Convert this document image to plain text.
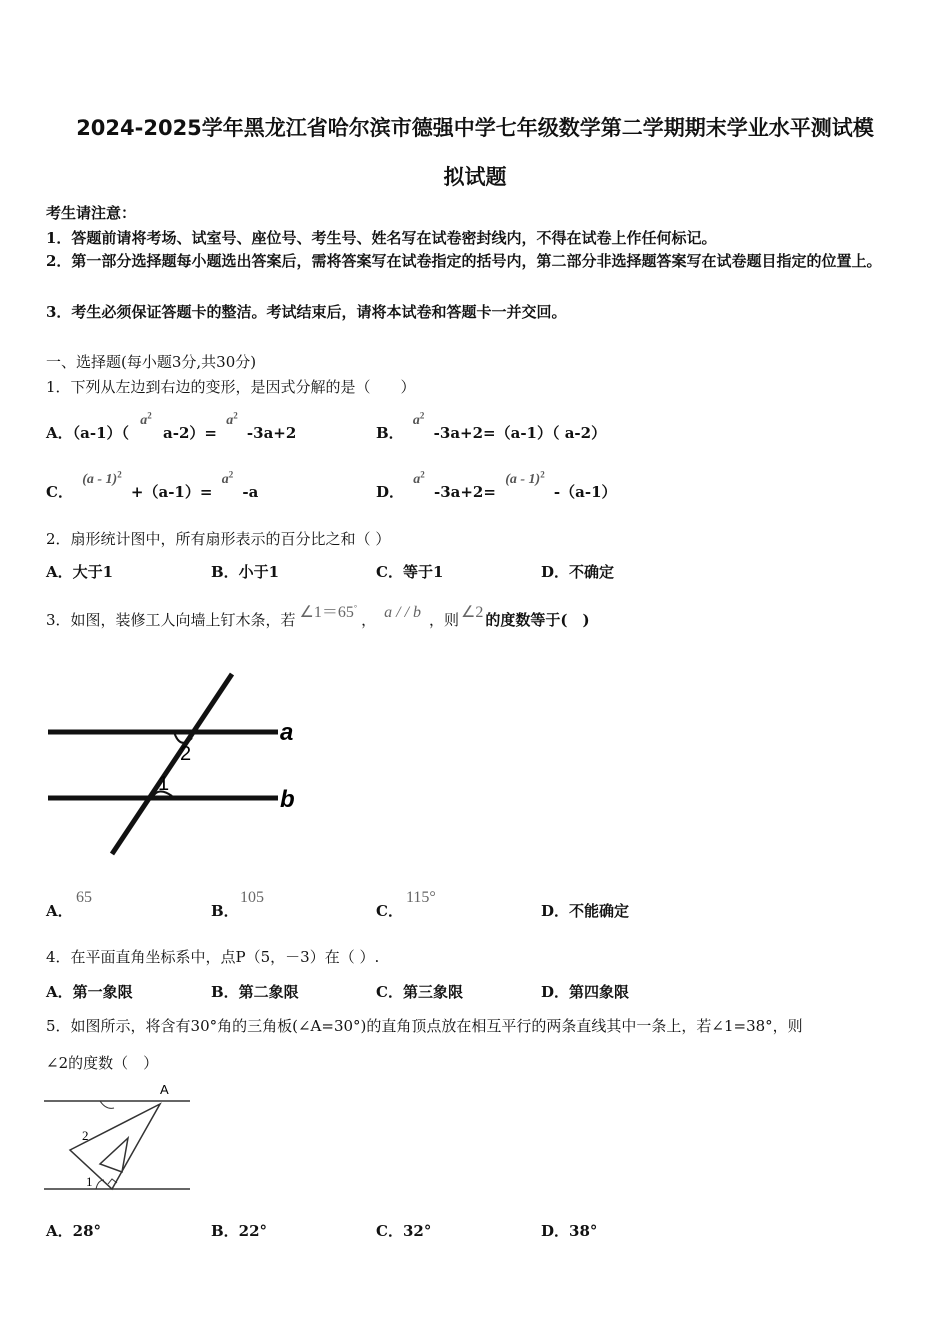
2024-2025学年黑龙江省哈尔滨市德强中学七年级数学第二学期期末学业水平测试模
拟试题
考生请注意：
1．答题前请将考场、试室号、座位号、考生号、姓名写在试卷密封线内，不得在试卷上作任何标记。
2．第一部分选择题每小题选出答案后，需将答案写在试卷指定的括号内，第二部分非选择题答案写在试卷题目指定的位置上。
3．考生必须保证答题卡的整洁。考试结束后，请将本试卷和答题卡一并交回。
一、选择题(每小题3分,共30分)
1．下列从左边到右边的变形，是因式分解的是（　　）
A．（a-1）（ $a^2$ $a-2)= a^2$ -3a+2	B． $a^2$ -3a+2=（a-1）（ a-2）
C． $(a - 1)^2 +(a-1)= a^2$ -a	D． $a^2$ -3a+2= (a - 1)$^2$ -（a-1）
2．扇形统计图中，所有扇形表示的百分比之和（ ）
A．大于1	B．小于1	C．等于1	D．不确定
3．如图，装修工人向墙上钉木条，若 ∠1＝65°， a / / b ，则 ∠2 的度数等于(　)
a
b
2
1
A．
65
B．
105
C．
115°
D．不能确定
4．在平面直角坐标系中，点P（5，－3）在（ ）.
A．第一象限	B．第二象限	C．第三象限	D．第四象限
5．如图所示，将含有30°角的三角板(∠A=30°)的直角顶点放在相互平行的两条直线其中一条上，若∠1=38°，则
∠2的度数（　）
A
2
1
A．28°	B．22°	C．32°	D．38°
